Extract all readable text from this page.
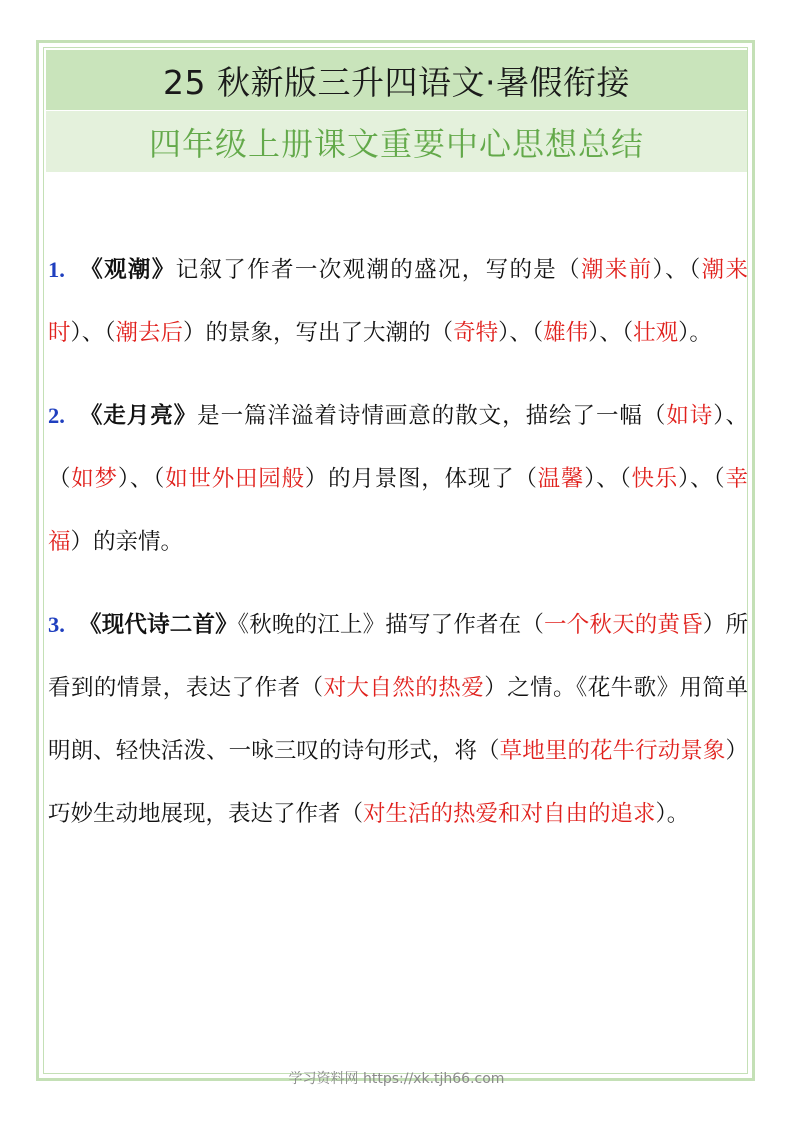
25 秋新版三升四语文·暑假衔接
四年级上册课文重要中心思想总结
1. 《观潮》记叙了作者一次观潮的盛况，写的是（潮来前）、（潮来时）、（潮去后）的景象，写出了大潮的（奇特）、（雄伟）、（壮观）。
2. 《走月亮》是一篇洋溢着诗情画意的散文，描绘了一幅（如诗）、（如梦）、（如世外田园般）的月景图，体现了（温馨）、（快乐）、（幸福）的亲情。
3. 《现代诗二首》《秋晚的江上》描写了作者在（一个秋天的黄昏）所看到的情景，表达了作者（对大自然的热爱）之情。《花牛歌》用简单明朗、轻快活泼、一咏三叹的诗句形式，将（草地里的花牛行动景象）巧妙生动地展现，表达了作者（对生活的热爱和对自由的追求）。
学习资料网 https://xk.tjh66.com
